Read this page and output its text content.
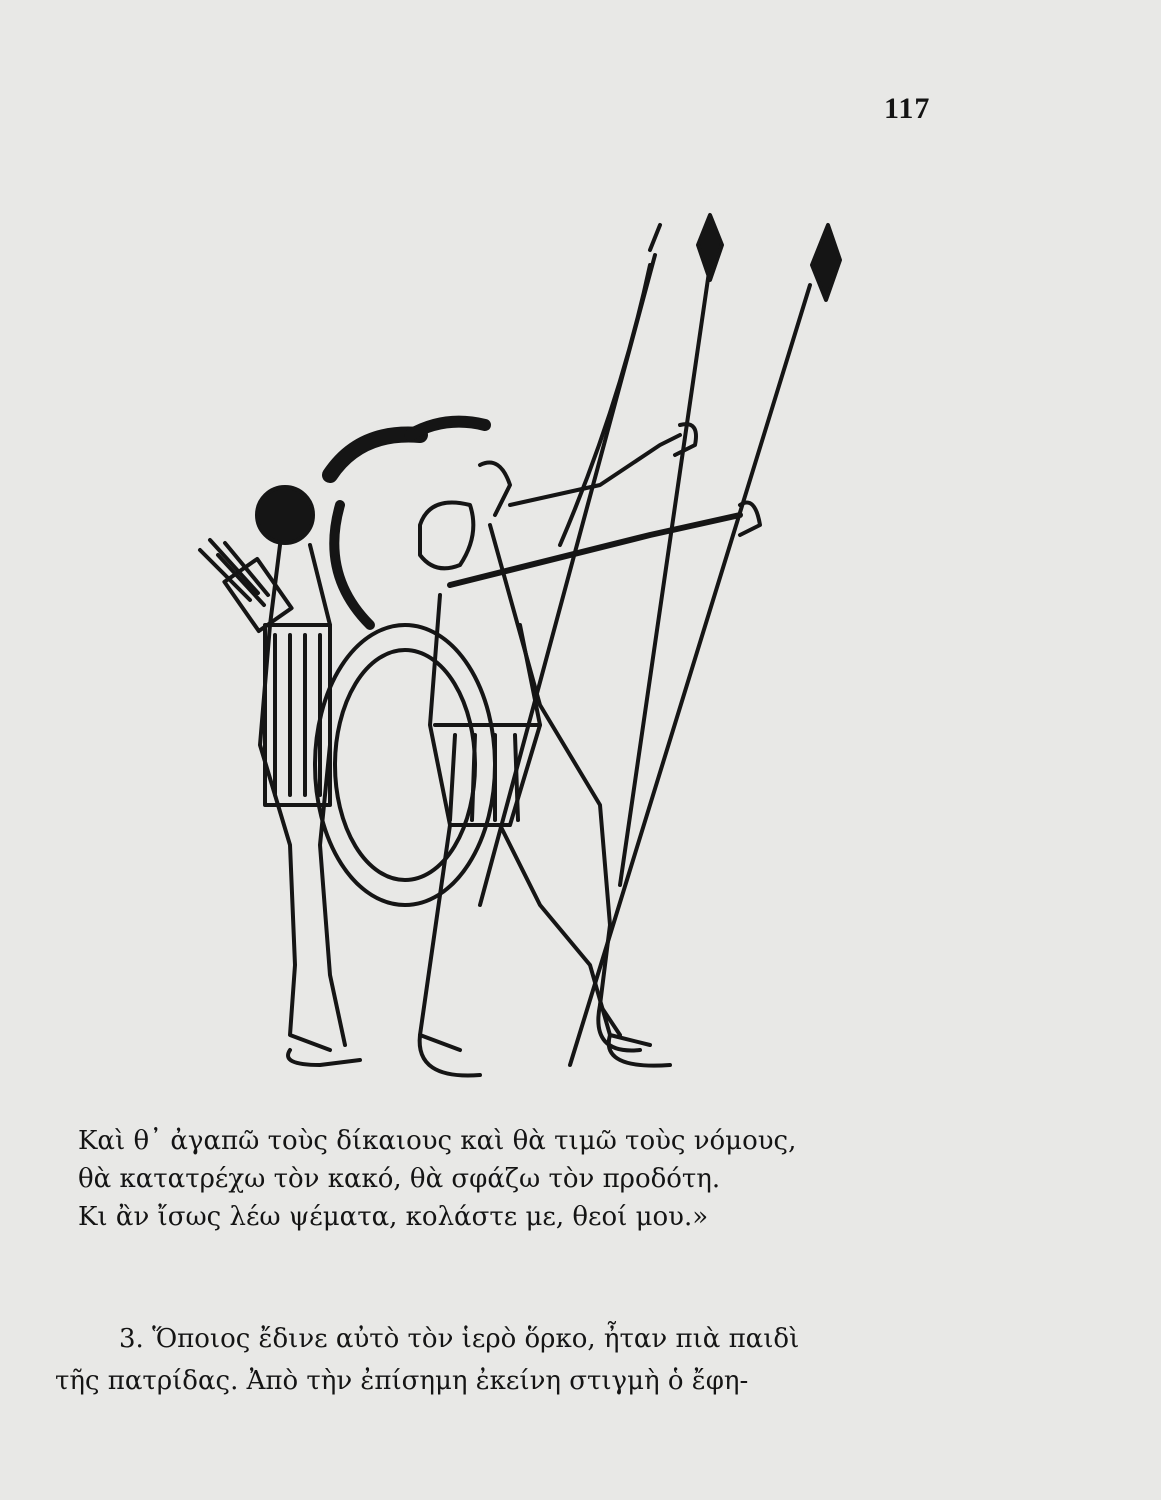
117
Καὶ θ᾿ ἀγαπῶ τοὺς δίκαιους καὶ θὰ τιμῶ τοὺς νόμους,
θὰ κατατρέχω τὸν κακό, θὰ σφάζω τὸν προδότη.
Κι ἂν ἴσως λέω ψέματα, κολάστε με, θεοί μου.»
3. Ὅποιος ἔδινε αὐτὸ τὸν ἱερὸ ὅρκο, ἦταν πιὰ παιδὶ
τῆς πατρίδας. Ἀπὸ τὴν ἐπίσημη ἐκείνη στιγμὴ ὁ ἔφη-
